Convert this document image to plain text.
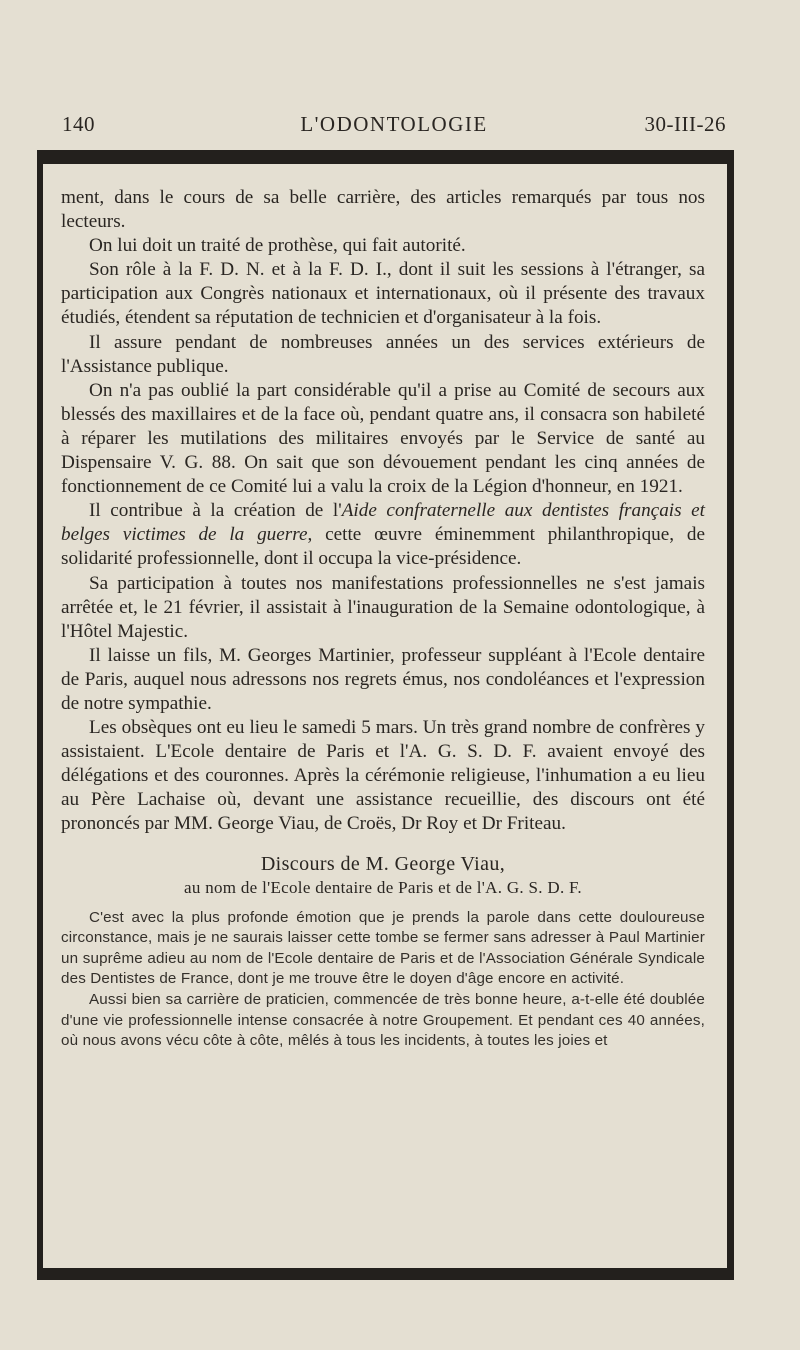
140	L'ODONTOLOGIE	30-III-26

ment, dans le cours de sa belle carrière, des articles remarqués par tous nos lecteurs.

On lui doit un traité de prothèse, qui fait autorité.

Son rôle à la F. D. N. et à la F. D. I., dont il suit les sessions à l'étranger, sa participation aux Congrès nationaux et internationaux, où il présente des travaux étudiés, étendent sa réputation de technicien et d'organisateur à la fois.

Il assure pendant de nombreuses années un des services extérieurs de l'Assistance publique.

On n'a pas oublié la part considérable qu'il a prise au Comité de secours aux blessés des maxillaires et de la face où, pendant quatre ans, il consacra son habileté à réparer les mutilations des militaires envoyés par le Service de santé au Dispensaire V. G. 88. On sait que son dévouement pendant les cinq années de fonctionnement de ce Comité lui a valu la croix de la Légion d'honneur, en 1921.

Il contribue à la création de l'Aide confraternelle aux dentistes français et belges victimes de la guerre, cette œuvre éminemment philanthropique, de solidarité professionnelle, dont il occupa la vice-présidence.

Sa participation à toutes nos manifestations professionnelles ne s'est jamais arrêtée et, le 21 février, il assistait à l'inauguration de la Semaine odontologique, à l'Hôtel Majestic.

Il laisse un fils, M. Georges Martinier, professeur suppléant à l'Ecole dentaire de Paris, auquel nous adressons nos regrets émus, nos condoléances et l'expression de notre sympathie.

Les obsèques ont eu lieu le samedi 5 mars. Un très grand nombre de confrères y assistaient. L'Ecole dentaire de Paris et l'A. G. S. D. F. avaient envoyé des délégations et des couronnes. Après la cérémonie religieuse, l'inhumation a eu lieu au Père Lachaise où, devant une assistance recueillie, des discours ont été prononcés par MM. George Viau, de Croës, Dr Roy et Dr Friteau.

Discours de M. George Viau,
au nom de l'Ecole dentaire de Paris et de l'A. G. S. D. F.

C'est avec la plus profonde émotion que je prends la parole dans cette douloureuse circonstance, mais je ne saurais laisser cette tombe se fermer sans adresser à Paul Martinier un suprême adieu au nom de l'Ecole dentaire de Paris et de l'Association Générale Syndicale des Dentistes de France, dont je me trouve être le doyen d'âge encore en activité.

Aussi bien sa carrière de praticien, commencée de très bonne heure, a-t-elle été doublée d'une vie professionnelle intense consacrée à notre Groupement. Et pendant ces 40 années, où nous avons vécu côte à côte, mêlés à tous les incidents, à toutes les joies et
